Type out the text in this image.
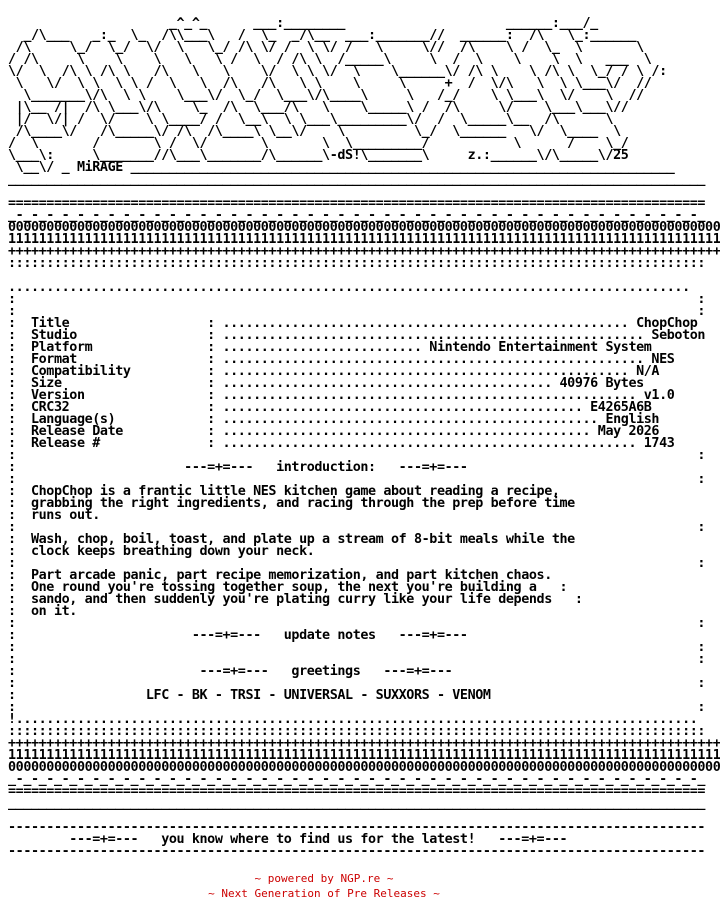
_^_^_      ___:________                     ______:___/_
_/\___   _:_  \_  /\\___\   /  \_  _/\__  ___:_______//  ______:  /\   \_:______
/\     \_/  \_/  \/  \   \_/ /\ \/ /  \ \/ /   \     \//  /\    \ /  \_  \       \
/ /\     \    \    \   \   \ /  \  / /\ \  /_____\     \  /  \    \    \  \   ___  \
\/  \  /\ \ /\ \   /\   \   \    \/  \ \ \/  \    \______\/ /\ \    \ /\ \  \_/ / \ /:
\   \/  \ \  \ \ /  \   \  /\   /\   \ \    \     \     +  /  \/\   \  \ \___\/  //
\_______\/\  \ \    \___\/  \_/  \___\/\____\     \   /_/    \ \___\  \/    \  //
|\__ /|  /\ \___\/\    \_  /\  \___/\   \    \_____\ /  /\     \/    \___\___\//
|/  \/| /  \/    \ \____/ /  \__\  \ \___\_________\/  /  \_____\__  /\      \
/\____\/   /\_____\/ /\  /\____\ \__\/    \         \_/  \______   \/  \____  \
/  \       /       \ /  \/       \       \  \_________/           \      /    \_/
\___\:     \_______//\___\_______/\______\-dS!\_______\     z.:______\/\_____\/25
\__\/ _ MiRAGE _______________________________________________________________________
___________________________________________________________________________________________
===========================================================================================
_-_-_-_-_-_-_-_-_-_-_-_-_-_-_-_-_-_-_-_-_-_-_-_-_-_-_-_-_-_-_-_-_-_-_-_-_-_-_-_-_-_-_-_-_-_
000000000000000000000000000000000000000000000000000000000000000000000000000000000000000000000
111111111111111111111111111111111111111111111111111111111111111111111111111111111111111111111
+++++++++++++++++++++++++++++++++++++++++++++++++++++++++++++++++++++++++++++++++++++++++++++
:::::::::::::::::::::::::::::::::::::::::::::::::::::::::::::::::::::::::::::::::::::::::::
.........................................................................................
:                                                                                         :
:                                                                                         :
:  Title                  : ..................................................... ChopChop
:  Studio                 : ....................................................... Seboton
:  Platform               : .......................... Nintendo Entertainment System
:  Format                 : ....................................................... NES
:  Compatibility          : ..................................................... N/A
:  Size                   : ........................................... 40976 Bytes
:  Version                : ...................................................... v1.0
:  CRC32                  : ............................................... E4265A6B
:  Language(s)            : ................................................. English
:  Release Date           : ................................................ May 2026
:  Release #              : ...................................................... 1743
:                                                                                         :
:                      ---=+=---   introduction:   ---=+=---
:                                                                                         :
:  ChopChop is a frantic little NES kitchen game about reading a recipe,
:  grabbing the right ingredients, and racing through the prep before time
:  runs out.
:                                                                                         :
:  Wash, chop, boil, toast, and plate up a stream of 8-bit meals while the
:  clock keeps breathing down your neck.
:                                                                                         :
:  Part arcade panic, part recipe memorization, and part kitchen chaos.
:  One round you're tossing together soup, the next you're building a   :
:  sando, and then suddenly you're plating curry like your life depends   :
:  on it.
:                                                                                         :
:                       ---=+=---   update notes   ---=+=---
:                                                                                         :
:                                                                                         :
:                        ---=+=---   greetings   ---=+=---
:                                                                                         :
:                 LFC - BK - TRSI - UNIVERSAL - SUXXORS - VENOM
:                                                                                         :
!.........................................................................................
:::::::::::::::::::::::::::::::::::::::::::::::::::::::::::::::::::::::::::::::::::::::::::
+++++++++++++++++++++++++++++++++++++++++++++++++++++++++++++++++++++++++++++++++++++++++++++
111111111111111111111111111111111111111111111111111111111111111111111111111111111111111111111
000000000000000000000000000000000000000000000000000000000000000000000000000000000000000000000
_-_-_-_-_-_-_-_-_-_-_-_-_-_-_-_-_-_-_-_-_-_-_-_-_-_-_-_-_-_-_-_-_-_-_-_-_-_-_-_-_-_-_-_-_-_
===========================================================================================
___________________________________________________________________________________________
-------------------------------------------------------------------------------------------
---=+=---   you know where to find us for the latest!   ---=+=---
-------------------------------------------------------------------------------------------
~ powered by NGP.re ~
~ Next Generation of Pre Releases ~
